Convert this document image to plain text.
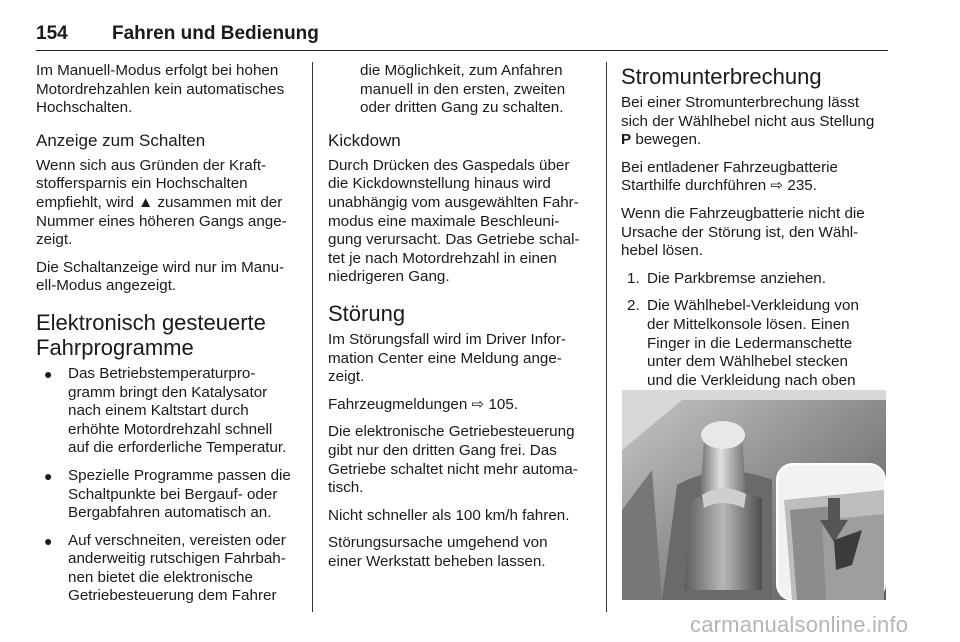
154 Fahren und Bedienung

Im Manuell-Modus erfolgt bei hohen
Motordrehzahlen kein automatisches
Hochschalten.

Anzeige zum Schalten

Wenn sich aus Gründen der Kraft-
stoffersparnis ein Hochschalten
empfiehlt, wird ▲ zusammen mit der
Nummer eines höheren Gangs ange-
zeigt.

Die Schaltanzeige wird nur im Manu-
ell-Modus angezeigt.

Elektronisch gesteuerte
Fahrprogramme
● Das Betriebstemperaturpro-
gramm bringt den Katalysator
nach einem Kaltstart durch
erhöhte Motordrehzahl schnell
auf die erforderliche Temperatur.
● Spezielle Programme passen die
Schaltpunkte bei Bergauf- oder
Bergabfahren automatisch an.
● Auf verschneiten, vereisten oder
anderweitig rutschigen Fahrbah-
nen bietet die elektronische
Getriebesteuerung dem Fahrer

die Möglichkeit, zum Anfahren
manuell in den ersten, zweiten
oder dritten Gang zu schalten.

Kickdown

Durch Drücken des Gaspedals über
die Kickdownstellung hinaus wird
unabhängig vom ausgewählten Fahr-
modus eine maximale Beschleuni-
gung verursacht. Das Getriebe schal-
tet je nach Motordrehzahl in einen
niedrigeren Gang.

Störung

Im Störungsfall wird im Driver Infor-
mation Center eine Meldung ange-
zeigt.

Fahrzeugmeldungen ⇨ 105.

Die elektronische Getriebesteuerung
gibt nur den dritten Gang frei. Das
Getriebe schaltet nicht mehr automa-
tisch.

Nicht schneller als 100 km/h fahren.

Störungsursache umgehend von
einer Werkstatt beheben lassen.

Stromunterbrechung

Bei einer Stromunterbrechung lässt
sich der Wählhebel nicht aus Stellung
P bewegen.

Bei entladener Fahrzeugbatterie
Starthilfe durchführen ⇨ 235.

Wenn die Fahrzeugbatterie nicht die
Ursache der Störung ist, den Wähl-
hebel lösen.

1. Die Parkbremse anziehen.
2. Die Wählhebel-Verkleidung von
der Mittelkonsole lösen. Einen
Finger in die Ledermanschette
unter dem Wählhebel stecken
und die Verkleidung nach oben
carmanualsonline.info
